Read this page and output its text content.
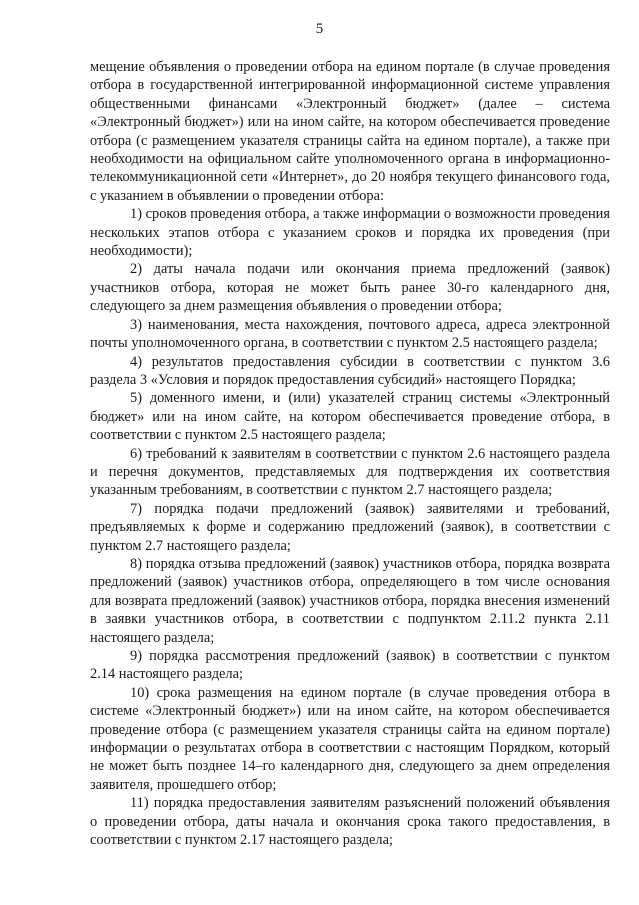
5

мещение объявления о проведении отбора на едином портале (в случае проведения отбора в государственной интегрированной информационной системе управления общественными финансами «Электронный бюджет» (далее – система «Электронный бюджет») или на ином сайте, на котором обеспечивается проведение отбора (с размещением указателя страницы сайта на едином портале), а также при необходимости на официальном сайте уполномоченного органа в информационно-телекоммуникационной сети «Интернет», до 20 ноября текущего финансового года, с указанием в объявлении о проведении отбора:

1) сроков проведения отбора, а также информации о возможности проведения нескольких этапов отбора с указанием сроков и порядка их проведения (при необходимости);

2) даты начала подачи или окончания приема предложений (заявок) участников отбора, которая не может быть ранее 30-го календарного дня, следующего за днем размещения объявления о проведении отбора;

3) наименования, места нахождения, почтового адреса, адреса электронной почты уполномоченного органа, в соответствии с пунктом 2.5 настоящего раздела;

4) результатов предоставления субсидии в соответствии с пунктом 3.6 раздела 3 «Условия и порядок предоставления субсидий» настоящего Порядка;

5) доменного имени, и (или) указателей страниц системы «Электронный бюджет» или на ином сайте, на котором обеспечивается проведение отбора, в соответствии с пунктом 2.5 настоящего раздела;

6) требований к заявителям в соответствии с пунктом 2.6 настоящего раздела и перечня документов, представляемых для подтверждения их соответствия указанным требованиям, в соответствии с пунктом 2.7 настоящего раздела;

7) порядка подачи предложений (заявок) заявителями и требований, предъявляемых к форме и содержанию предложений (заявок), в соответствии с пунктом 2.7 настоящего раздела;

8) порядка отзыва предложений (заявок) участников отбора, порядка возврата предложений (заявок) участников отбора, определяющего в том числе основания для возврата предложений (заявок) участников отбора, порядка внесения изменений в заявки участников отбора, в соответствии с подпунктом 2.11.2 пункта 2.11 настоящего раздела;

9) порядка рассмотрения предложений (заявок) в соответствии с пунктом 2.14 настоящего раздела;

10) срока размещения на едином портале (в случае проведения отбора в системе «Электронный бюджет») или на ином сайте, на котором обеспечивается проведение отбора (с размещением указателя страницы сайта на едином портале) информации о результатах отбора в соответствии с настоящим Порядком, который не может быть позднее 14–го календарного дня, следующего за днем определения заявителя, прошедшего отбор;

11) порядка предоставления заявителям разъяснений положений объявления о проведении отбора, даты начала и окончания срока такого предоставления, в соответствии с пунктом 2.17 настоящего раздела;
